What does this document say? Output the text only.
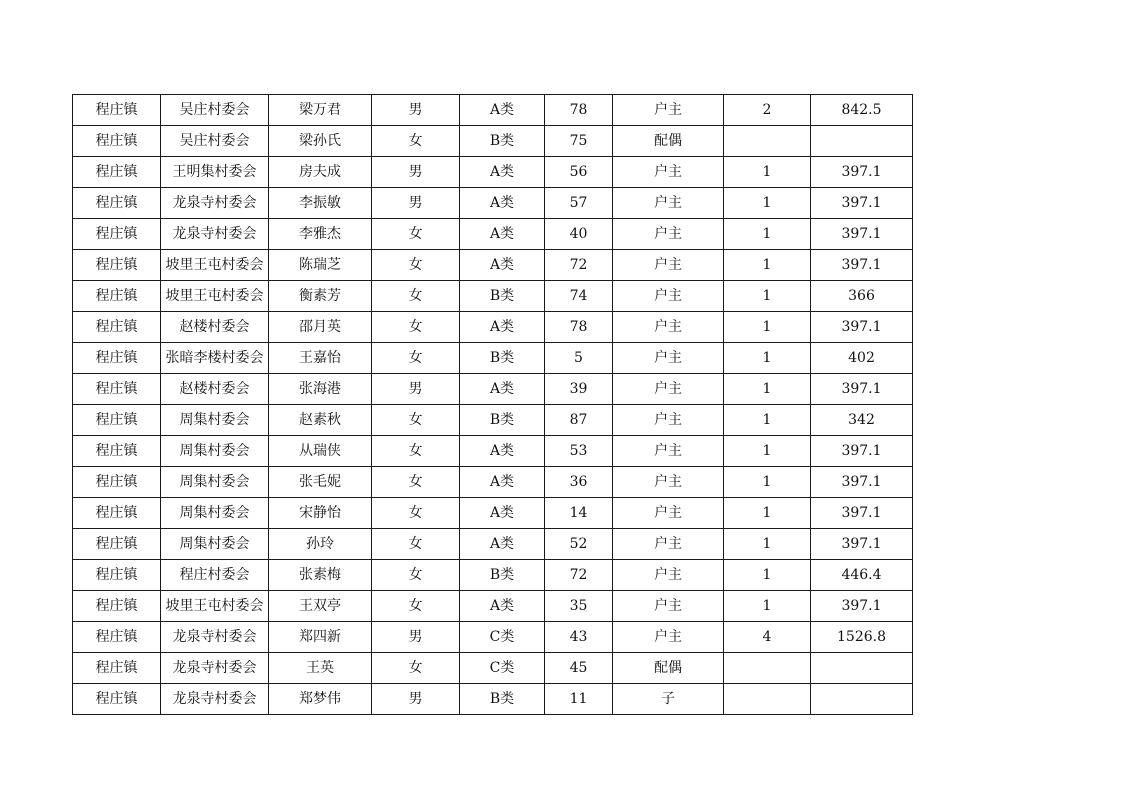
程庄镇	吴庄村委会	梁万君	男	A类	78	户主	2	842.5
程庄镇	吴庄村委会	梁孙氏	女	B类	75	配偶		
程庄镇	王明集村委会	房夫成	男	A类	56	户主	1	397.1
程庄镇	龙泉寺村委会	李振敏	男	A类	57	户主	1	397.1
程庄镇	龙泉寺村委会	李雅杰	女	A类	40	户主	1	397.1
程庄镇	坡里王屯村委会	陈瑞芝	女	A类	72	户主	1	397.1
程庄镇	坡里王屯村委会	衡素芳	女	B类	74	户主	1	366
程庄镇	赵楼村委会	邵月英	女	A类	78	户主	1	397.1
程庄镇	张暗李楼村委会	王嘉怡	女	B类	5	户主	1	402
程庄镇	赵楼村委会	张海港	男	A类	39	户主	1	397.1
程庄镇	周集村委会	赵素秋	女	B类	87	户主	1	342
程庄镇	周集村委会	从瑞侠	女	A类	53	户主	1	397.1
程庄镇	周集村委会	张毛妮	女	A类	36	户主	1	397.1
程庄镇	周集村委会	宋静怡	女	A类	14	户主	1	397.1
程庄镇	周集村委会	孙玲	女	A类	52	户主	1	397.1
程庄镇	程庄村委会	张素梅	女	B类	72	户主	1	446.4
程庄镇	坡里王屯村委会	王双亭	女	A类	35	户主	1	397.1
程庄镇	龙泉寺村委会	郑四新	男	C类	43	户主	4	1526.8
程庄镇	龙泉寺村委会	王英	女	C类	45	配偶		
程庄镇	龙泉寺村委会	郑梦伟	男	B类	11	子		
